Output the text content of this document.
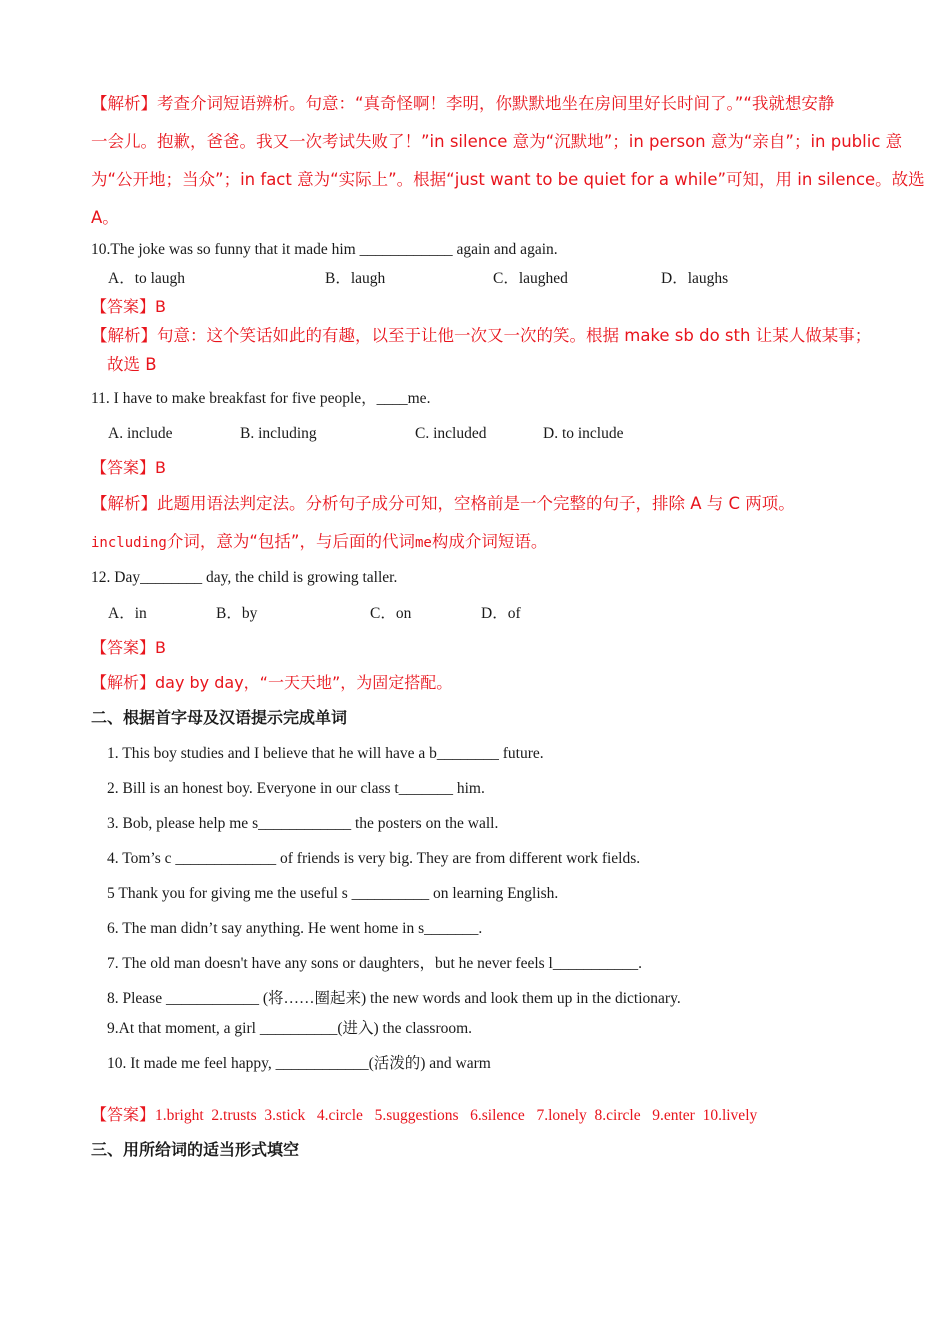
【解析】考查介词短语辨析。句意：“真奇怪啊！李明，你默默地坐在房间里好长时间了。”“我就想安静
一会儿。抱歉，爸爸。我又一次考试失败了！”in silence 意为“沉默地”；in person 意为“亲自”；in public 意
为“公开地；当众”；in fact 意为“实际上”。根据“just want to be quiet for a while”可知，用 in silence。故选
A。
10.The joke was so funny that it made him ____________ again and again.
A．to laugh	B．laugh	C．laughed	D．laughs
【答案】B
【解析】句意：这个笑话如此的有趣，以至于让他一次又一次的笑。根据 make sb do sth 让某人做某事；
故选 B
11. I have to make breakfast for five people，____me.
A. include	B. including	C. included	D. to include
【答案】B
【解析】此题用语法判定法。分析句子成分可知，空格前是一个完整的句子，排除 A 与 C 两项。
including介词，意为“包括”，与后面的代词me构成介词短语。
12. Day________ day, the child is growing taller.
A．in	B．by	C．on	D．of
【答案】B
【解析】day by day，“一天天地”，为固定搭配。
二、根据首字母及汉语提示完成单词
1. This boy studies and I believe that he will have a b________ future.
2. Bill is an honest boy. Everyone in our class t_______ him.
3. Bob, please help me s____________ the posters on the wall.
4. Tom’s c _____________ of friends is very big. They are from different work fields.
5 Thank you for giving me the useful s __________ on learning English.
6. The man didn’t say anything. He went home in s_______.
7. The old man doesn't have any sons or daughters，but he never feels l___________.
8. Please ____________ (将……圈起来) the new words and look them up in the dictionary.
9.At that moment, a girl __________(进入) the classroom.
10. It made me feel happy, ____________(活泼的) and warm
【答案】1.bright  2.trusts  3.stick   4.circle   5.suggestions   6.silence   7.lonely  8.circle   9.enter  10.lively
三、用所给词的适当形式填空
